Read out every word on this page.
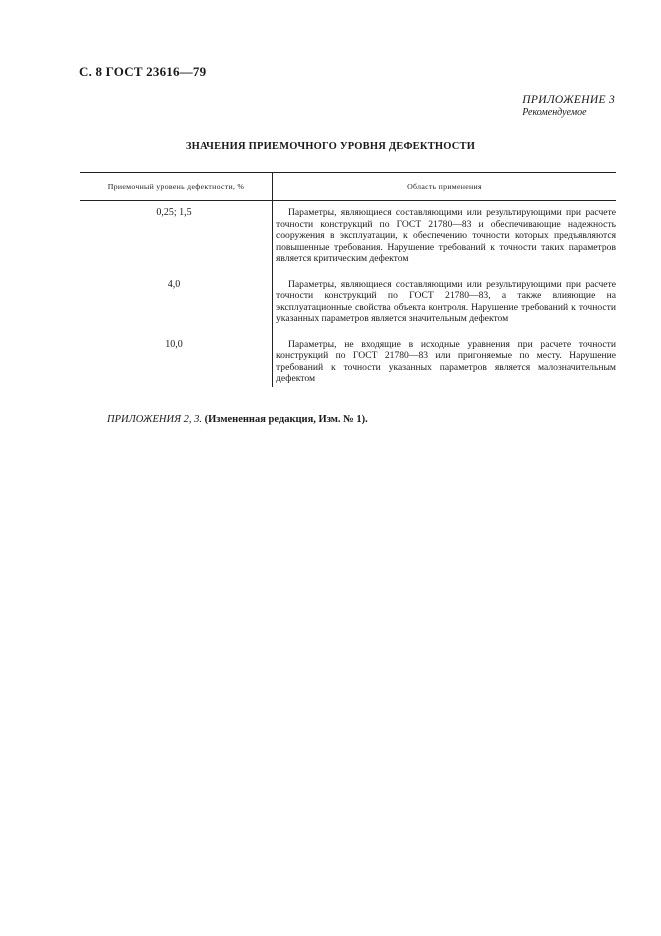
С. 8 ГОСТ 23616—79
ПРИЛОЖЕНИЕ 3
Рекомендуемое
ЗНАЧЕНИЯ ПРИЕМОЧНОГО УРОВНЯ ДЕФЕКТНОСТИ
Приемочный уровень дефектности, %	Область применения
0,25; 1,5	Параметры, являющиеся составляющими или результирующими при расчете точности конструкций по ГОСТ 21780—83 и обеспечивающие надежность сооружения в эксплуатации, к обеспечению точности которых предъявляются повышенные требования. Нарушение требований к точности таких параметров является критическим дефектом

4,0	Параметры, являющиеся составляющими или результирующими при расчете точности конструкций по ГОСТ 21780—83, а также влияющие на эксплуатационные свойства объекта контроля. Нарушение требований к точности указанных параметров является значительным дефектом

10,0	Параметры, не входящие в исходные уравнения при расчете точности конструкций по ГОСТ 21780—83 или пригоняемые по месту. Нарушение требований к точности указанных параметров является малозначительным дефектом
ПРИЛОЖЕНИЯ 2, 3. (Измененная редакция, Изм. № 1).
